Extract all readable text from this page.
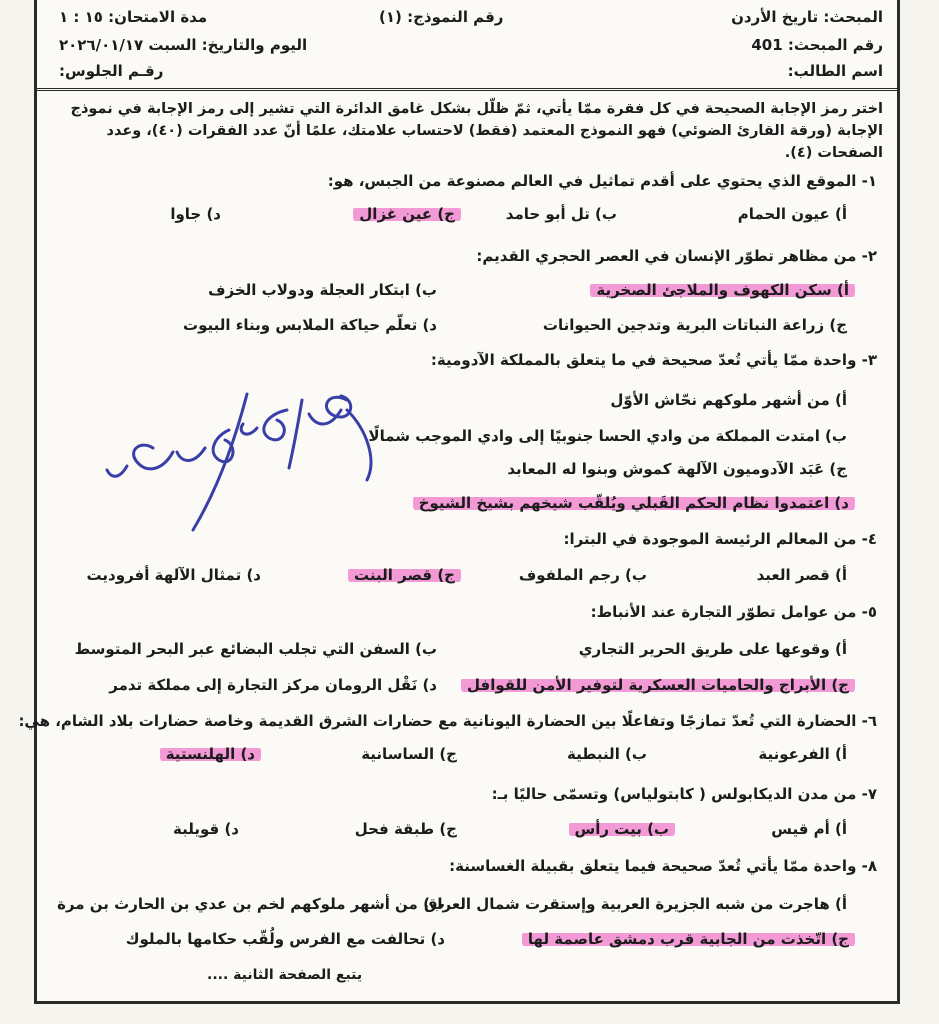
المبحث: تاريخ الأردن
رقم المبحث: 401
اسم الطالب:
رقم النموذج: (١)
مدة الامتحان: ١٥ : ١
اليوم والتاريخ: السبت ٢٠٢٦/٠١/١٧
رقـم الجلوس:
اختر رمز الإجابة الصحيحة في كل فقرة ممّا يأتي، ثمّ ظلّل بشكل غامق الدائرة التي تشير إلى رمز الإجابة في نموذج الإجابة (ورقة القارئ الضوئي) فهو النموذج المعتمد (فقط) لاحتساب علامتك، علمًا أنّ عدد الفقرات (٤٠)، وعدد الصفحات (٤).
١- الموقع الذي يحتوي على أقدم تماثيل في العالم مصنوعة من الجبس، هو:
أ) عيون الحمام
ب) تل أبو حامد
ج) عين غزال
د) جاوا
٢- من مظاهر تطوّر الإنسان في العصر الحجري القديم:
أ) سكن الكهوف والملاجئ الصخرية
ب) ابتكار العجلة ودولاب الخزف
ج) زراعة النباتات البرية وتدجين الحيوانات
د) تعلّم حياكة الملابس وبناء البيوت
٣- واحدة ممّا يأتي تُعدّ صحيحة في ما يتعلق بالمملكة الآدومية:
أ) من أشهر ملوكهم نحّاش الأوّل
ب) امتدت المملكة من وادي الحسا جنوبيًا إلى وادي الموجب شمالًا
ج) عَبَد الآدوميون الآلهة كموش وبنوا له المعابد
د) اعتمدوا نظام الحكم القَبلي ويُلقّب شيخهم بشيخ الشيوخ
٤- من المعالم الرئيسة الموجودة في البترا:
أ) قصر العبد
ب) رجم الملفوف
ج) قصر البنت
د) تمثال الآلهة أفروديت
٥- من عوامل تطوّر التجارة عند الأنباط:
أ) وقوعها على طريق الحرير التجاري
ب) السفن التي تجلب البضائع عبر البحر المتوسط
ج) الأبراج والحاميات العسكرية لتوفير الأمن للقوافل
د) نَقْل الرومان مركز التجارة إلى مملكة تدمر
٦- الحضارة التي تُعدّ تمازجًا وتفاعلًا بين الحضارة اليونانية مع حضارات الشرق القديمة وخاصة حضارات بلاد الشام، هي:
أ) الفرعونية
ب) النبطية
ج) الساسانية
د) الهلنستية
٧- من مدن الديكابولس ( كابتولياس) وتسمّى حاليًا بـ:
أ) أم قيس
ب) بيت رأس
ج) طبقة فحل
د) قويلبة
٨- واحدة ممّا يأتي تُعدّ صحيحة فيما يتعلق بقبيلة الغساسنة:
أ) هاجرت من شبه الجزيرة العربية وإستقرت شمال العراق
ب) من أشهر ملوكهم لخم بن عدي بن الحارث بن مرة
ج) اتّخذت من الجابية قرب دمشق عاصمة لها
د) تحالفت مع الفرس ولُقّب حكامها بالملوك
يتبع الصفحة الثانية ....
